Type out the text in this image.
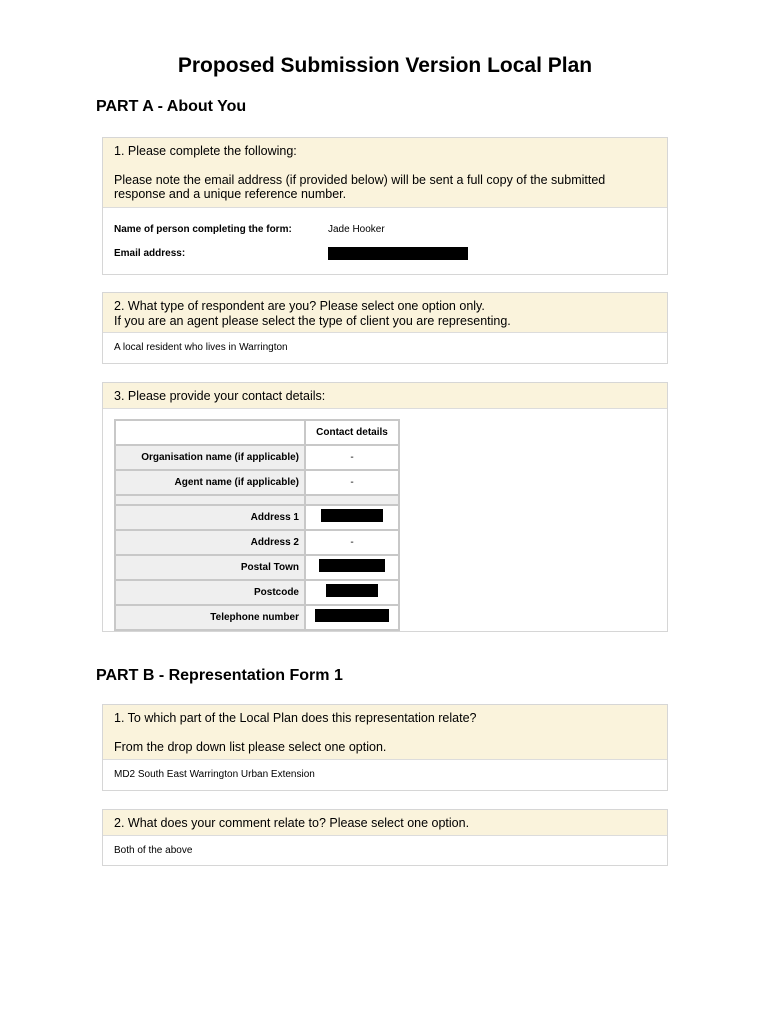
Proposed Submission Version Local Plan
PART A - About You

1. Please complete the following:

Please note the email address (if provided below) will be sent a full copy of the submitted response and a unique reference number.

Name of person completing the form:	Jade Hooker
Email address:

2. What type of respondent are you? Please select one option only.

If you are an agent please select the type of client you are representing.

A local resident who lives in Warrington

3. Please provide your contact details:

	Contact details
Organisation name (if applicable)	-
Agent name (if applicable)	-

Address 1	
Address 2	-
Postal Town	
Postcode	
Telephone number	
PART B - Representation Form 1

1. To which part of the Local Plan does this representation relate?

From the drop down list please select one option.

MD2 South East Warrington Urban Extension

2. What does your comment relate to? Please select one option.

Both of the above
